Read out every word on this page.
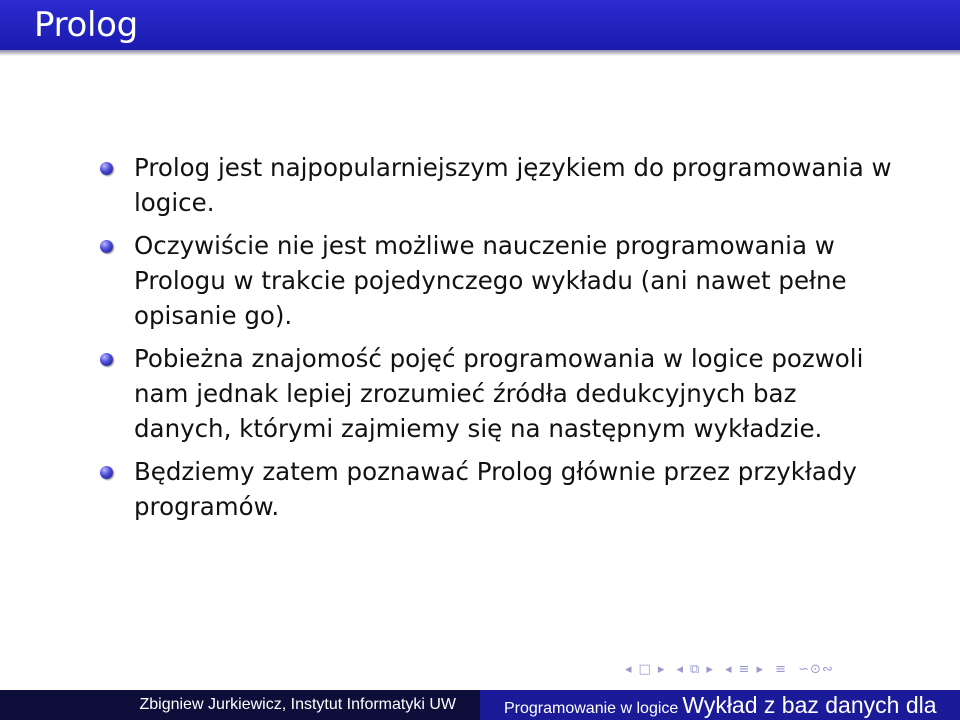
Prolog
Prolog jest najpopularniejszym językiem do programowania w logice.
Oczywiście nie jest możliwe nauczenie programowania w Prologu w trakcie pojedynczego wykładu (ani nawet pełne opisanie go).
Pobieżna znajomość pojęć programowania w logice pozwoli nam jednak lepiej zrozumieć źródła dedukcyjnych baz danych, którymi zajmiemy się na następnym wykładzie.
Będziemy zatem poznawać Prolog głównie przez przykłady programów.
◂ □ ▸ ◂ ⧉ ▸ ◂ ≡ ▸ ≡ ∽⊙∾
Zbigniew Jurkiewicz, Instytut Informatyki UW	Programowanie w logice Wykład z baz danych dla
